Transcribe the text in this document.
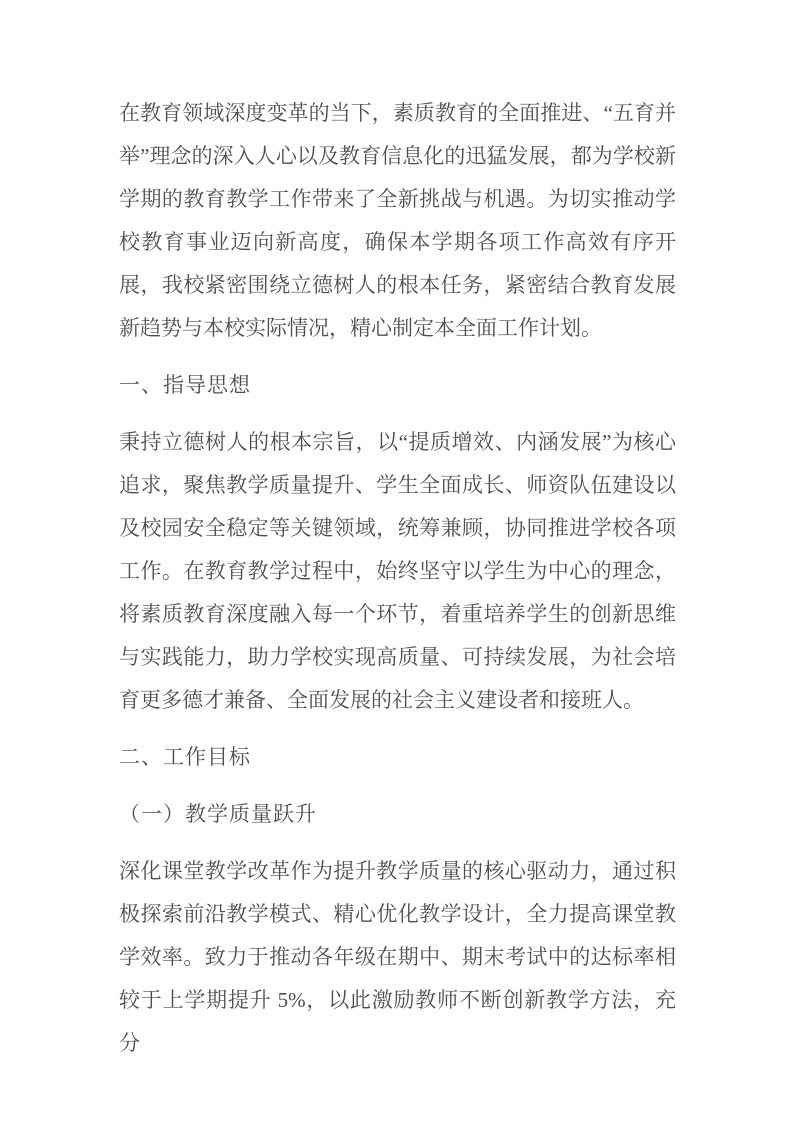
在教育领域深度变革的当下，素质教育的全面推进、“五育并举”理念的深入人心以及教育信息化的迅猛发展，都为学校新学期的教育教学工作带来了全新挑战与机遇。为切实推动学校教育事业迈向新高度，确保本学期各项工作高效有序开展，我校紧密围绕立德树人的根本任务，紧密结合教育发展新趋势与本校实际情况，精心制定本全面工作计划。

一、指导思想

秉持立德树人的根本宗旨，以“提质增效、内涵发展”为核心追求，聚焦教学质量提升、学生全面成长、师资队伍建设以及校园安全稳定等关键领域，统筹兼顾，协同推进学校各项工作。在教育教学过程中，始终坚守以学生为中心的理念，将素质教育深度融入每一个环节，着重培养学生的创新思维与实践能力，助力学校实现高质量、可持续发展，为社会培育更多德才兼备、全面发展的社会主义建设者和接班人。

二、工作目标
（一）教学质量跃升

深化课堂教学改革作为提升教学质量的核心驱动力，通过积极探索前沿教学模式、精心优化教学设计，全力提高课堂教学效率。致力于推动各年级在期中、期末考试中的达标率相较于上学期提升 5%，以此激励教师不断创新教学方法，充分
